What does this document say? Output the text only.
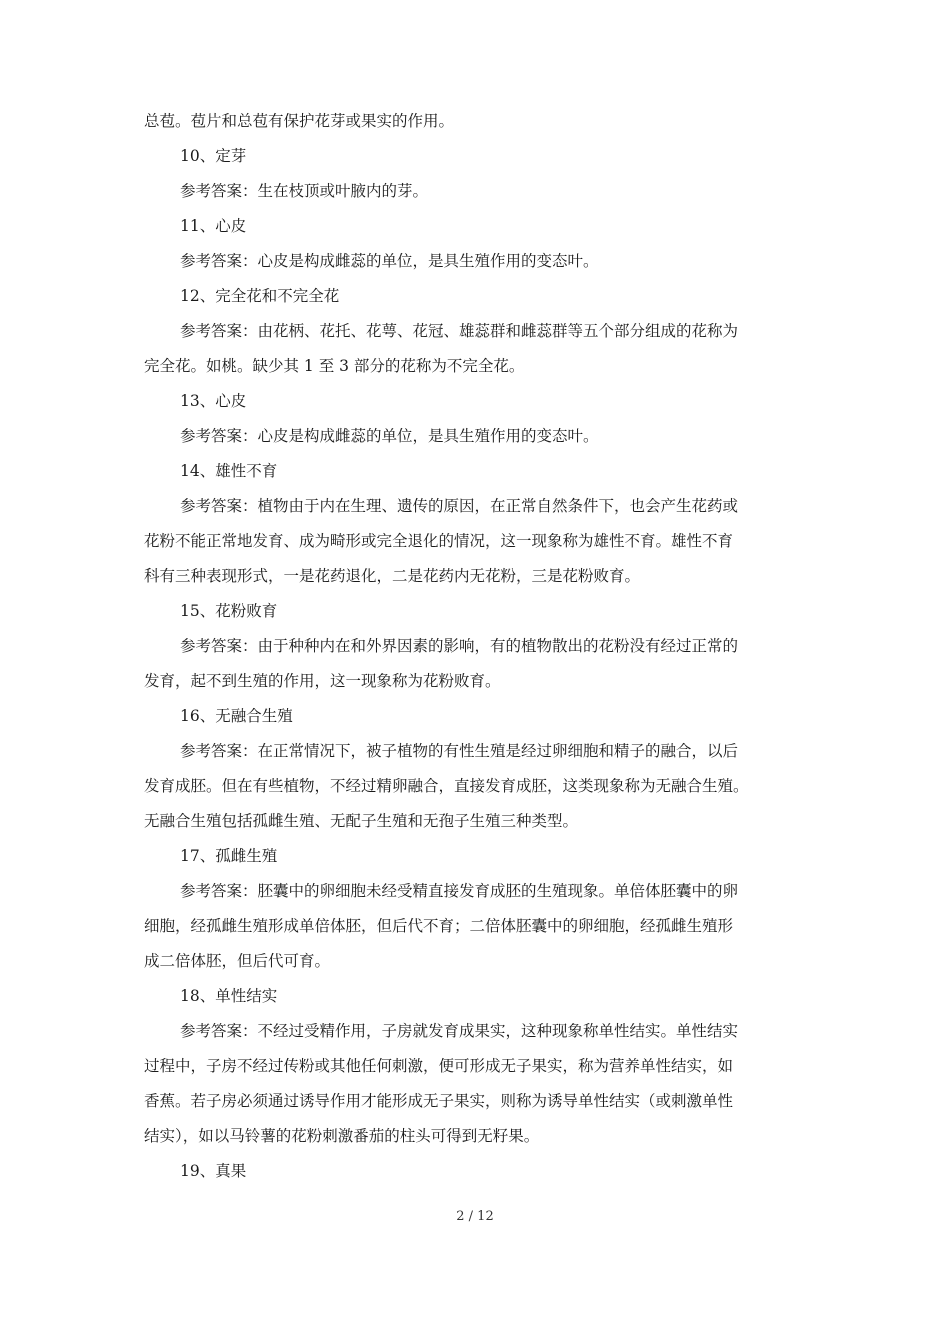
总苞。苞片和总苞有保护花芽或果实的作用。
10、定芽
参考答案：生在枝顶或叶腋内的芽。
11、心皮
参考答案：心皮是构成雌蕊的单位，是具生殖作用的变态叶。
12、完全花和不完全花
参考答案：由花柄、花托、花萼、花冠、雄蕊群和雌蕊群等五个部分组成的花称为
完全花。如桃。缺少其 1 至 3 部分的花称为不完全花。
13、心皮
参考答案：心皮是构成雌蕊的单位，是具生殖作用的变态叶。
14、雄性不育
参考答案：植物由于内在生理、遗传的原因，在正常自然条件下，也会产生花药或
花粉不能正常地发育、成为畸形或完全退化的情况，这一现象称为雄性不育。雄性不育
科有三种表现形式，一是花药退化，二是花药内无花粉，三是花粉败育。
15、花粉败育
参考答案：由于种种内在和外界因素的影响，有的植物散出的花粉没有经过正常的
发育，起不到生殖的作用，这一现象称为花粉败育。
16、无融合生殖
参考答案：在正常情况下，被子植物的有性生殖是经过卵细胞和精子的融合，以后
发育成胚。但在有些植物，不经过精卵融合，直接发育成胚，这类现象称为无融合生殖。
无融合生殖包括孤雌生殖、无配子生殖和无孢子生殖三种类型。
17、孤雌生殖
参考答案：胚囊中的卵细胞未经受精直接发育成胚的生殖现象。单倍体胚囊中的卵
细胞，经孤雌生殖形成单倍体胚，但后代不育；二倍体胚囊中的卵细胞，经孤雌生殖形
成二倍体胚，但后代可育。
18、单性结实
参考答案：不经过受精作用，子房就发育成果实，这种现象称单性结实。单性结实
过程中，子房不经过传粉或其他任何刺激，便可形成无子果实，称为营养单性结实，如
香蕉。若子房必须通过诱导作用才能形成无子果实，则称为诱导单性结实（或刺激单性
结实），如以马铃薯的花粉刺激番茄的柱头可得到无籽果。
19、真果
2 / 12
